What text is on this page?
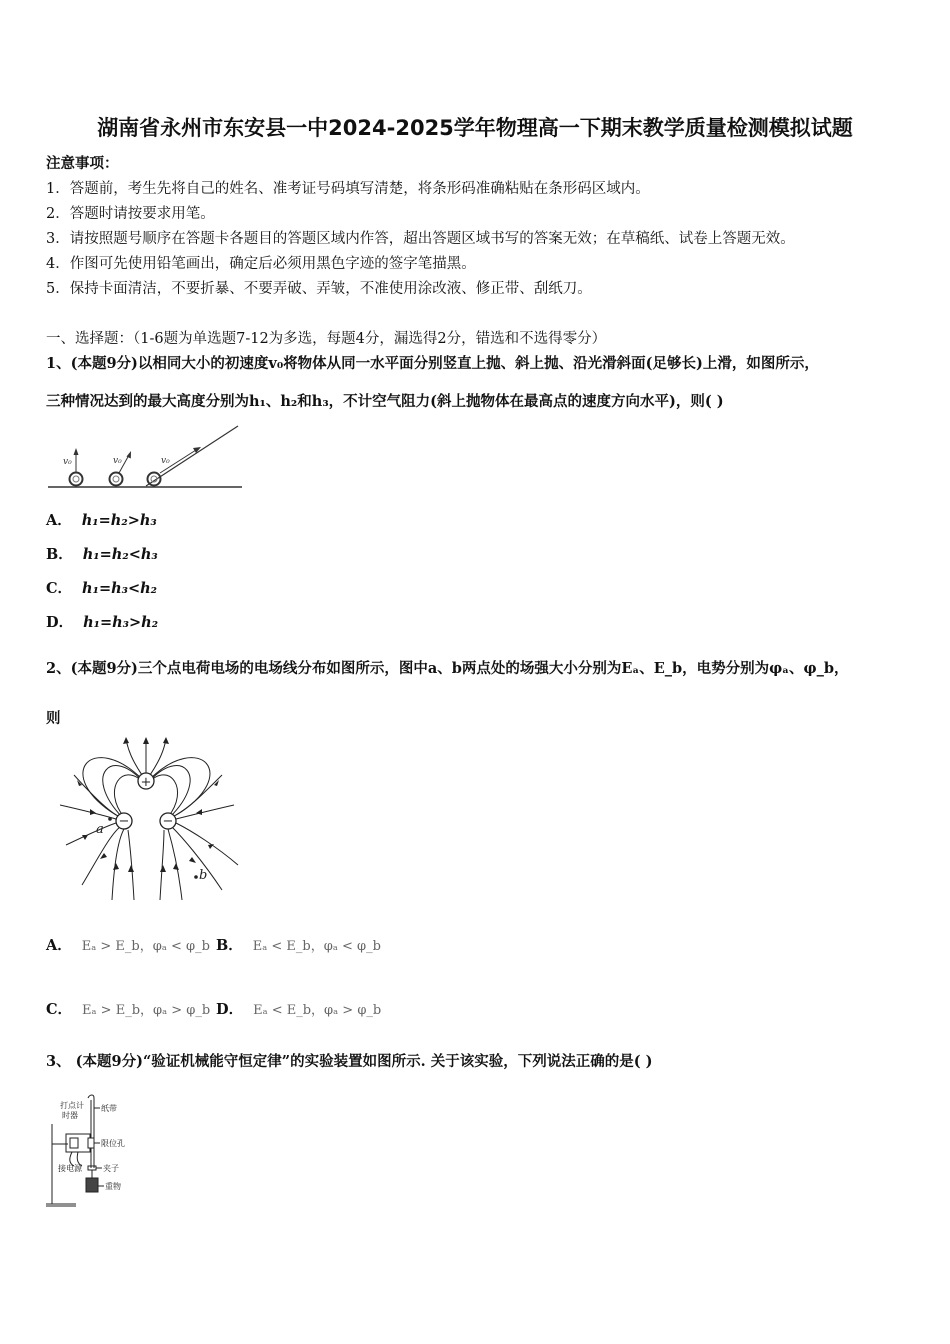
湖南省永州市东安县一中2024-2025学年物理高一下期末教学质量检测模拟试题
注意事项：
1．答题前，考生先将自己的姓名、准考证号码填写清楚，将条形码准确粘贴在条形码区域内。
2．答题时请按要求用笔。
3．请按照题号顺序在答题卡各题目的答题区域内作答，超出答题区域书写的答案无效；在草稿纸、试卷上答题无效。
4．作图可先使用铅笔画出，确定后必须用黑色字迹的签字笔描黑。
5．保持卡面清洁，不要折暴、不要弄破、弄皱，不准使用涂改液、修正带、刮纸刀。
一、选择题：（1-6题为单选题7-12为多选，每题4分，漏选得2分，错选和不选得零分）
1、(本题9分)以相同大小的初速度v₀将物体从同一水平面分别竖直上抛、斜上抛、沿光滑斜面(足够长)上滑，如图所示，
三种情况达到的最大高度分别为h₁、h₂和h₃，不计空气阻力(斜上抛物体在最高点的速度方向水平)，则( )
v₀	v₀	v₀
A． h₁=h₂>h₃
B． h₁=h₂<h₃
C． h₁=h₃<h₂
D． h₁=h₃>h₂
2、(本题9分)三个点电荷电场的电场线分布如图所示，图中a、b两点处的场强大小分别为Eₐ、E_b，电势分别为φₐ、φ_b，
则
+
−	−
a
b
A． Eₐ > E_b，φₐ < φ_b B． Eₐ < E_b，φₐ < φ_b
C． Eₐ > E_b，φₐ > φ_b D． Eₐ < E_b，φₐ > φ_b
3、 (本题9分)“验证机械能守恒定律”的实验装置如图所示. 关于该实验，下列说法正确的是( )
打点计
时器
纸带
限位孔
接电源	夹子
重物
